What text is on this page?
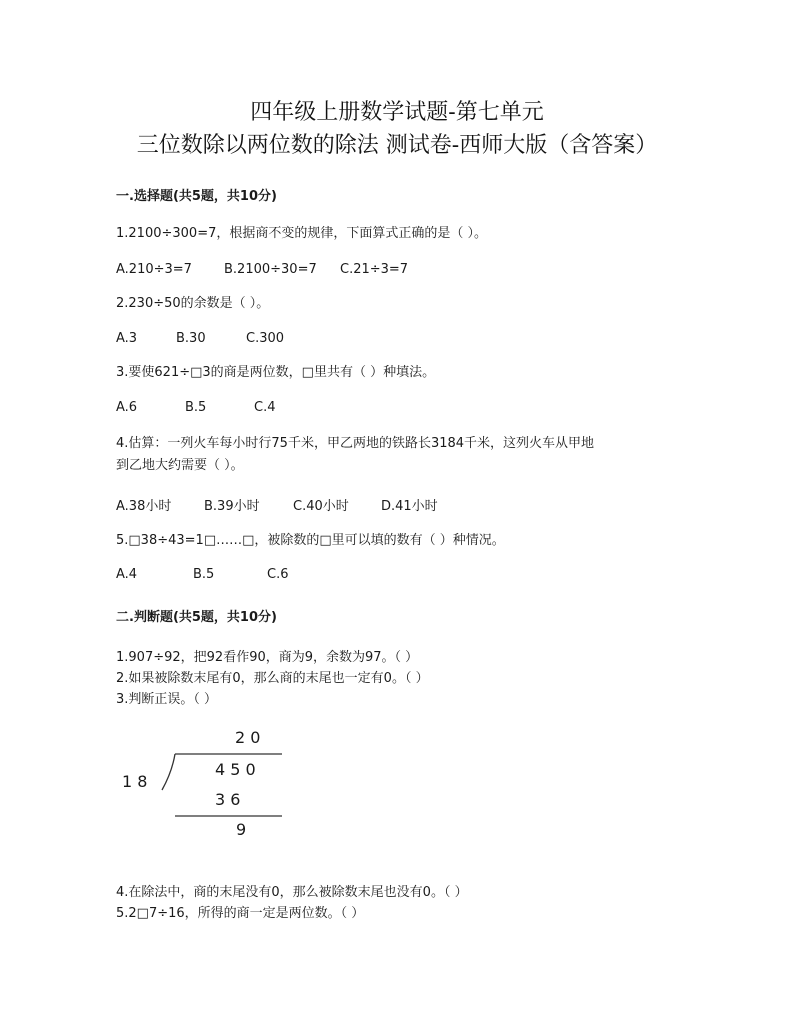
四年级上册数学试题-第七单元
三位数除以两位数的除法 测试卷-西师大版（含答案）
一.选择题(共5题，共10分)
1.2100÷300=7，根据商不变的规律，下面算式正确的是（ ）。
A.210÷3=7 B.2100÷30=7 C.21÷3=7
2.230÷50的余数是（ ）。
A.3	B.30	C.300
3.要使621÷□3的商是两位数，□里共有（ ）种填法。
A.6	B.5	C.4
4.估算：一列火车每小时行75千米，甲乙两地的铁路长3184千米，这列火车从甲地
到乙地大约需要（ ）。
A.38小时	B.39小时	C.40小时 D.41小时
5.□38÷43=1□……□，被除数的□里可以填的数有（ ）种情况。
A.4	B.5	C.6
二.判断题(共5题，共10分)
1.907÷92，把92看作90，商为9，余数为97。（ ）
2.如果被除数末尾有0，那么商的末尾也一定有0。（ ）
3.判断正误。（ ）
2 0
1 8
4 5 0
3 6
9
4.在除法中，商的末尾没有0，那么被除数末尾也没有0。（ ）
5.2□7÷16，所得的商一定是两位数。（ ）
